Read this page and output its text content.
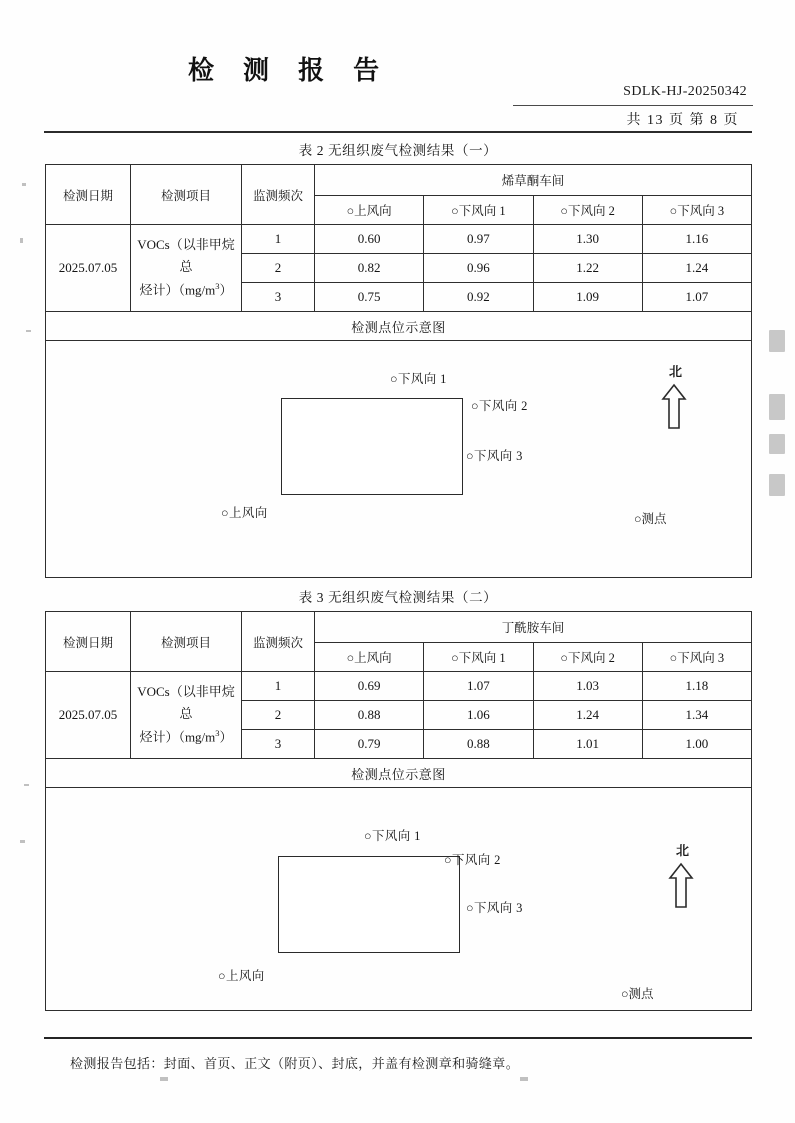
检 测 报 告
SDLK-HJ-20250342
共 13 页 第 8 页
表 2 无组织废气检测结果（一）
检测日期	检测项目	监测频次	烯草酮车间			
			○上风向	○下风向 1	○下风向 2	○下风向 3
2025.07.05	VOCs（以非甲烷总
烃计）$(mg/m^3)$	1	0.60	0.97	1.30	1.16
		2	0.82	0.96	1.22	1.24
		3	0.75	0.92	1.09	1.07
检测点位示意图						

○下风向 1
○下风向 2
○下风向 3
○上风向
北
○测点
表 3 无组织废气检测结果（二）
检测日期	检测项目	监测频次	丁酰胺车间			
			○上风向	○下风向 1	○下风向 2	○下风向 3
2025.07.05	VOCs（以非甲烷总
烃计）$(mg/m^3)$	1	0.69	1.07	1.03	1.18
		2	0.88	1.06	1.24	1.34
		3	0.79	0.88	1.01	1.00
检测点位示意图						

○下风向 1
○下风向 2
○下风向 3
○上风向
北
○测点
检测报告包括：封面、首页、正文（附页）、封底，并盖有检测章和骑缝章。
